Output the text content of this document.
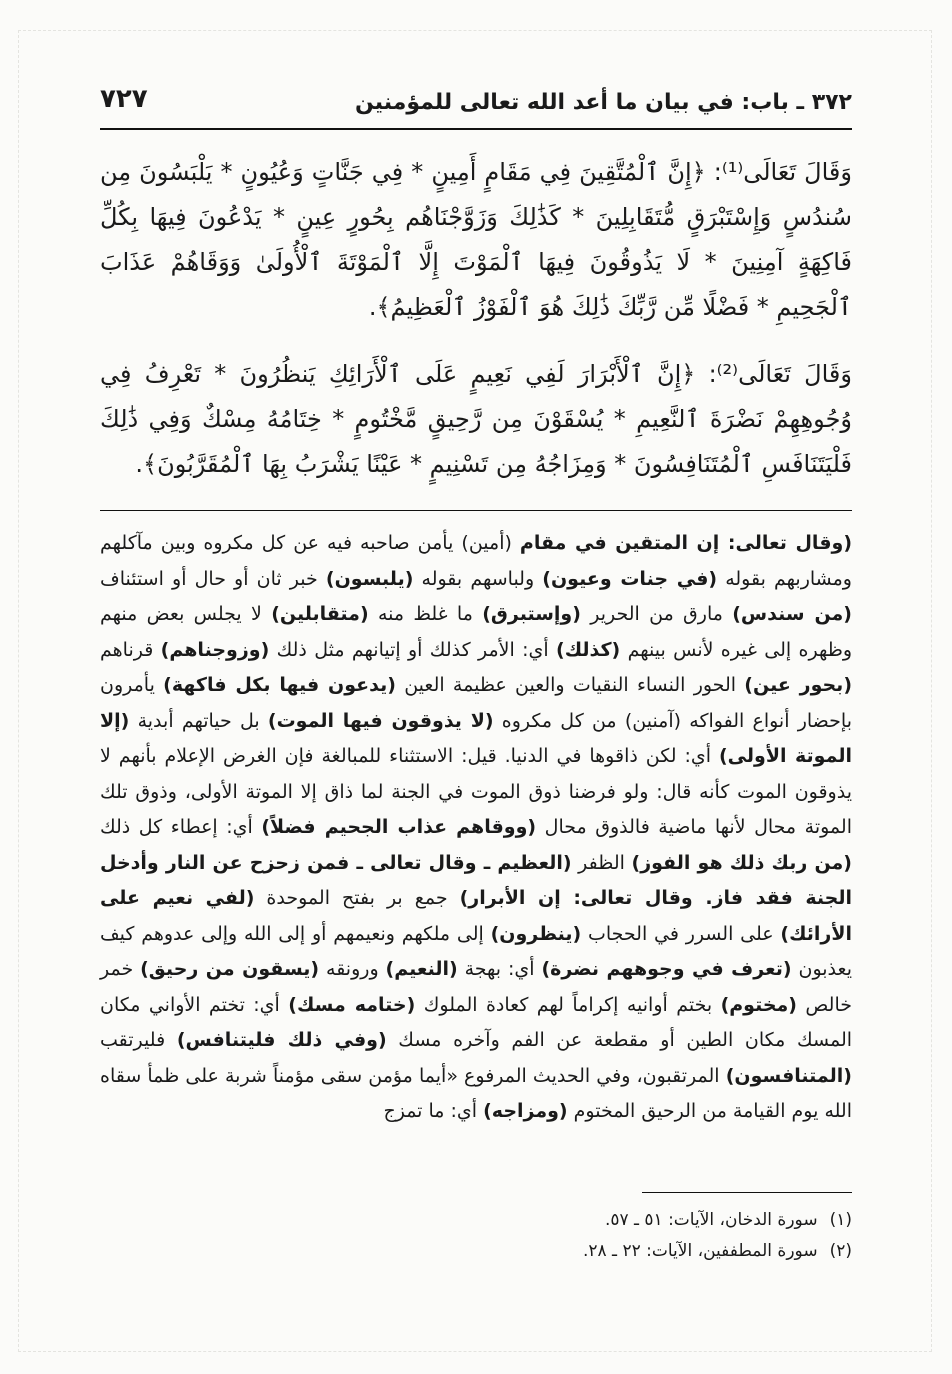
٣٧٢ ـ باب: في بيان ما أعد الله تعالى للمؤمنين
٧٢٧
وَقَالَ تَعَالَى⁽¹⁾: ﴿إِنَّ ٱلْمُتَّقِينَ فِي مَقَامٍ أَمِينٍ * فِي جَنَّاتٍ وَعُيُونٍ * يَلْبَسُونَ مِن سُندُسٍ وَإِسْتَبْرَقٍ مُّتَقَابِلِينَ * كَذَٰلِكَ وَزَوَّجْنَاهُم بِحُورٍ عِينٍ * يَدْعُونَ فِيهَا بِكُلِّ فَاكِهَةٍ آمِنِينَ * لَا يَذُوقُونَ فِيهَا ٱلْمَوْتَ إِلَّا ٱلْمَوْتَةَ ٱلْأُولَىٰ وَوَقَاهُمْ عَذَابَ ٱلْجَحِيمِ * فَضْلًا مِّن رَّبِّكَ ذَٰلِكَ هُوَ ٱلْفَوْزُ ٱلْعَظِيمُ﴾.
وَقَالَ تَعَالَى⁽²⁾: ﴿إِنَّ ٱلْأَبْرَارَ لَفِي نَعِيمٍ عَلَى ٱلْأَرَائِكِ يَنظُرُونَ * تَعْرِفُ فِي وُجُوهِهِمْ نَضْرَةَ ٱلنَّعِيمِ * يُسْقَوْنَ مِن رَّحِيقٍ مَّخْتُومٍ * خِتَامُهُ مِسْكٌ وَفِي ذَٰلِكَ فَلْيَتَنَافَسِ ٱلْمُتَنَافِسُونَ * وَمِزَاجُهُ مِن تَسْنِيمٍ * عَيْنًا يَشْرَبُ بِهَا ٱلْمُقَرَّبُونَ﴾.
(وقال تعالى: إن المتقين في مقام (أمين) يأمن صاحبه فيه عن كل مكروه وبين مآكلهم ومشاربهم بقوله (في جنات وعيون) ولباسهم بقوله (يلبسون) خبر ثان أو حال أو استئناف (من سندس) مارق من الحرير (وإستبرق) ما غلظ منه (متقابلين) لا يجلس بعض منهم وظهره إلى غيره لأنس بينهم (كذلك) أي: الأمر كذلك أو إتيانهم مثل ذلك (وزوجناهم) قرناهم (بحور عين) الحور النساء النقيات والعين عظيمة العين (يدعون فيها بكل فاكهة) يأمرون بإحضار أنواع الفواكه (آمنين) من كل مكروه (لا يذوقون فيها الموت) بل حياتهم أبدية (إلا الموتة الأولى) أي: لكن ذاقوها في الدنيا. قيل: الاستثناء للمبالغة فإن الغرض الإعلام بأنهم لا يذوقون الموت كأنه قال: ولو فرضنا ذوق الموت في الجنة لما ذاق إلا الموتة الأولى، وذوق تلك الموتة محال لأنها ماضية فالذوق محال (ووقاهم عذاب الجحيم فضلاً) أي: إعطاء كل ذلك (من ربك ذلك هو الفوز) الظفر (العظيم ـ وقال تعالى ـ فمن زحزح عن النار وأدخل الجنة فقد فاز. وقال تعالى: إن الأبرار) جمع بر بفتح الموحدة (لفي نعيم على الأرائك) على السرر في الحجاب (ينظرون) إلى ملكهم ونعيمهم أو إلى الله وإلى عدوهم كيف يعذبون (تعرف في وجوههم نضرة) أي: بهجة (النعيم) ورونقه (يسقون من رحيق) خمر خالص (مختوم) بختم أوانيه إكراماً لهم كعادة الملوك (ختامه مسك) أي: تختم الأواني مكان المسك مكان الطين أو مقطعة عن الفم وآخره مسك (وفي ذلك فليتنافس) فليرتقب (المتنافسون) المرتقبون، وفي الحديث المرفوع «أيما مؤمن سقى مؤمناً شربة على ظمأ سقاه الله يوم القيامة من الرحيق المختوم (ومزاجه) أي: ما تمزج
(١)سورة الدخان، الآيات: ٥١ ـ ٥٧.
(٢)سورة المطففين، الآيات: ٢٢ ـ ٢٨.
